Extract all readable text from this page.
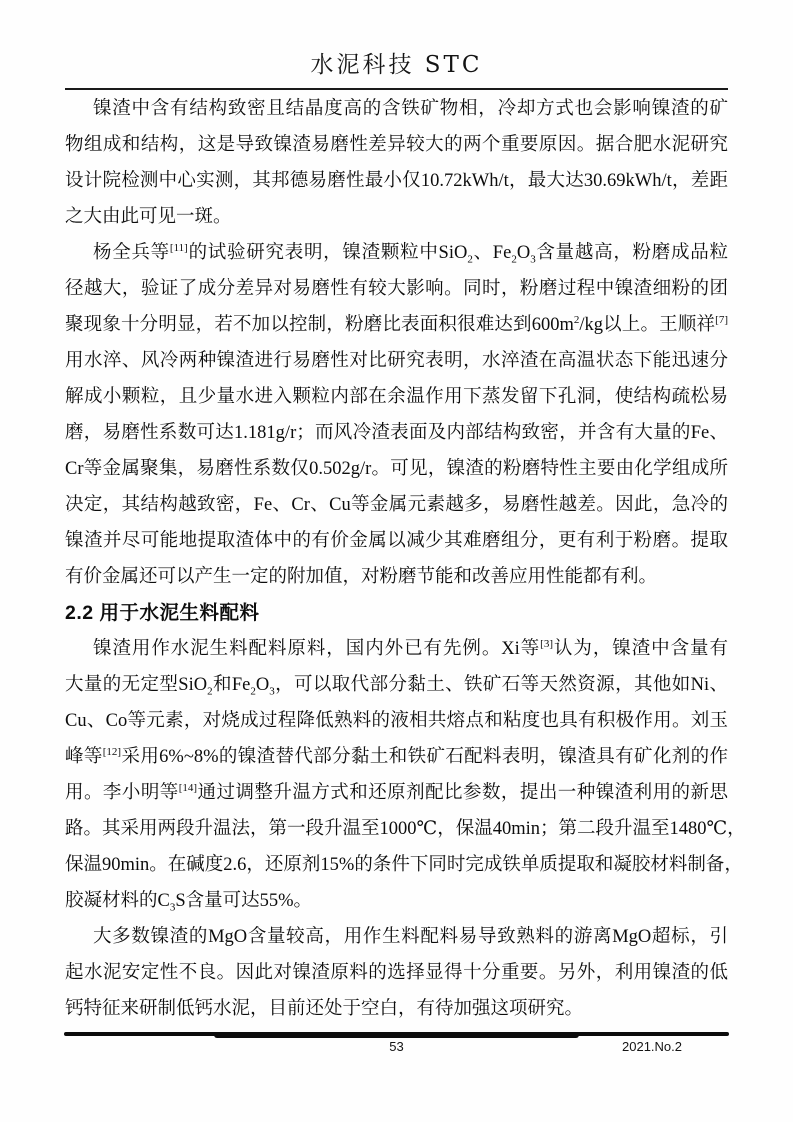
水泥科技 STC
镍渣中含有结构致密且结晶度高的含铁矿物相，冷却方式也会影响镍渣的矿
物组成和结构，这是导致镍渣易磨性差异较大的两个重要原因。据合肥水泥研究
设计院检测中心实测，其邦德易磨性最小仅10.72kWh/t，最大达30.69kWh/t，差距
之大由此可见一斑。
杨全兵等[11]的试验研究表明，镍渣颗粒中SiO$_2$、$Fe_2O_3$含量越高，粉磨成品粒
径越大，验证了成分差异对易磨性有较大影响。同时，粉磨过程中镍渣细粉的团
聚现象十分明显，若不加以控制，粉磨比表面积很难达到$600m^2/kg$以上。王顺祥[7]
用水淬、风冷两种镍渣进行易磨性对比研究表明，水淬渣在高温状态下能迅速分
解成小颗粒，且少量水进入颗粒内部在余温作用下蒸发留下孔洞，使结构疏松易
磨，易磨性系数可达1.181g/r；而风冷渣表面及内部结构致密，并含有大量的Fe、
Cr等金属聚集，易磨性系数仅0.502g/r。可见，镍渣的粉磨特性主要由化学组成所
决定，其结构越致密，Fe、Cr、Cu等金属元素越多，易磨性越差。因此，急冷的
镍渣并尽可能地提取渣体中的有价金属以减少其难磨组分，更有利于粉磨。提取
有价金属还可以产生一定的附加值，对粉磨节能和改善应用性能都有利。
2.2 用于水泥生料配料
镍渣用作水泥生料配料原料，国内外已有先例。Xi等[3]认为，镍渣中含量有
大量的无定型SiO$_2$和$Fe_2O_3$，可以取代部分黏土、铁矿石等天然资源，其他如Ni、
Cu、Co等元素，对烧成过程降低熟料的液相共熔点和粘度也具有积极作用。刘玉
峰等[12]采用6%~8%的镍渣替代部分黏土和铁矿石配料表明，镍渣具有矿化剂的作
用。李小明等[14]通过调整升温方式和还原剂配比参数，提出一种镍渣利用的新思
路。其采用两段升温法，第一段升温至1000℃，保温40min；第二段升温至1480℃，
保温90min。在碱度2.6，还原剂15%的条件下同时完成铁单质提取和凝胶材料制备，
胶凝材料的$C_3S$含量可达55%。
大多数镍渣的MgO含量较高，用作生料配料易导致熟料的游离MgO超标，引
起水泥安定性不良。因此对镍渣原料的选择显得十分重要。另外，利用镍渣的低
钙特征来研制低钙水泥，目前还处于空白，有待加强这项研究。
53	2021.No.2
